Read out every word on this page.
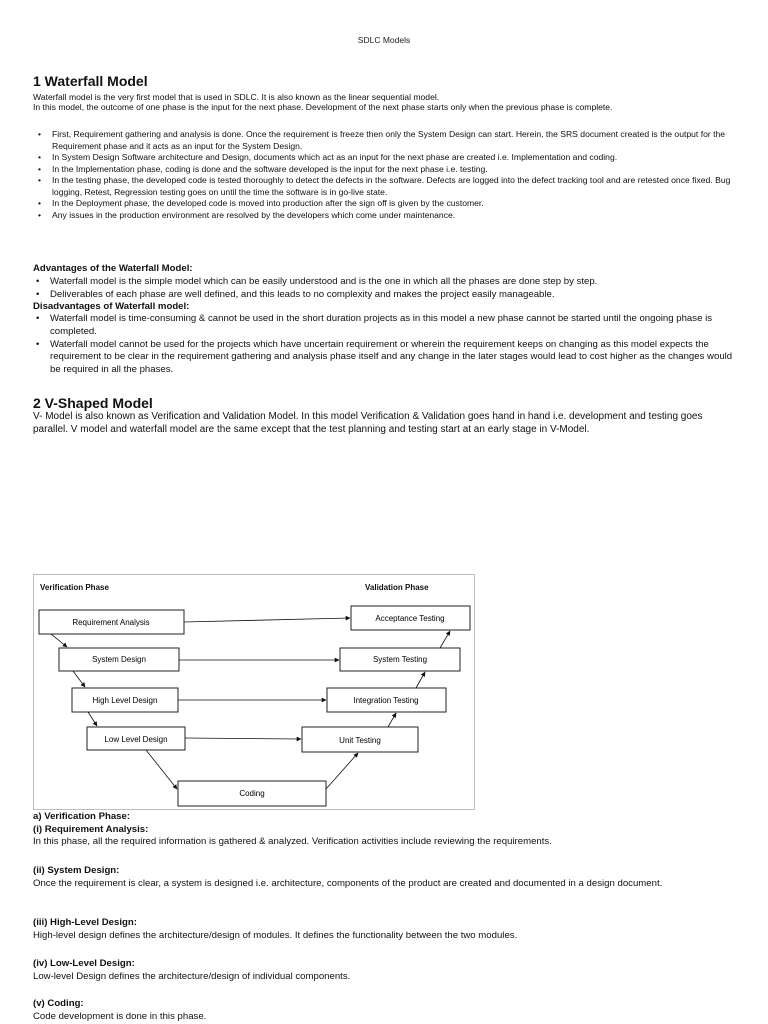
SDLC Models
1 Waterfall Model

Waterfall model is the very first model that is used in SDLC. It is also known as the linear sequential model.

In this model, the outcome of one phase is the input for the next phase. Development of the next phase starts only when the previous phase is complete.

• First, Requirement gathering and analysis is done. Once the requirement is freeze then only the System Design can start. Herein, the SRS document created is the output for the Requirement phase and it acts as an input for the System Design.
• In System Design Software architecture and Design, documents which act as an input for the next phase are created i.e. Implementation and coding.
• In the Implementation phase, coding is done and the software developed is the input for the next phase i.e. testing.
• In the testing phase, the developed code is tested thoroughly to detect the defects in the software. Defects are logged into the defect tracking tool and are retested once fixed. Bug logging, Retest, Regression testing goes on until the time the software is in go-live state.
• In the Deployment phase, the developed code is moved into production after the sign off is given by the customer.
• Any issues in the production environment are resolved by the developers which come under maintenance.
Advantages of the Waterfall Model:
• Waterfall model is the simple model which can be easily understood and is the one in which all the phases are done step by step.
• Deliverables of each phase are well defined, and this leads to no complexity and makes the project easily manageable.
Disadvantages of Waterfall model:
• Waterfall model is time-consuming & cannot be used in the short duration projects as in this model a new phase cannot be started until the ongoing phase is completed.
• Waterfall model cannot be used for the projects which have uncertain requirement or wherein the requirement keeps on changing as this model expects the requirement to be clear in the requirement gathering and analysis phase itself and any change in the later stages would lead to cost higher as the changes would be required in all the phases.
2 V-Shaped Model

V- Model is also known as Verification and Validation Model. In this model Verification & Validation goes hand in hand i.e. development and testing goes parallel. V model and waterfall model are the same except that the test planning and testing start at an early stage in V-Model.

Verification Phase	Validation Phase
Requirement Analysis
System Design
High Level Design
Low Level Design
Acceptance Testing
System Testing
Integration Testing
Unit Testing
Coding
a) Verification Phase:
(i) Requirement Analysis:
In this phase, all the required information is gathered & analyzed. Verification activities include reviewing the requirements.
(ii) System Design:
Once the requirement is clear, a system is designed i.e. architecture, components of the product are created and documented in a design document.
(iii) High-Level Design:
High-level design defines the architecture/design of modules. It defines the functionality between the two modules.
(iv) Low-Level Design:
Low-level Design defines the architecture/design of individual components.
(v) Coding:
Code development is done in this phase.
